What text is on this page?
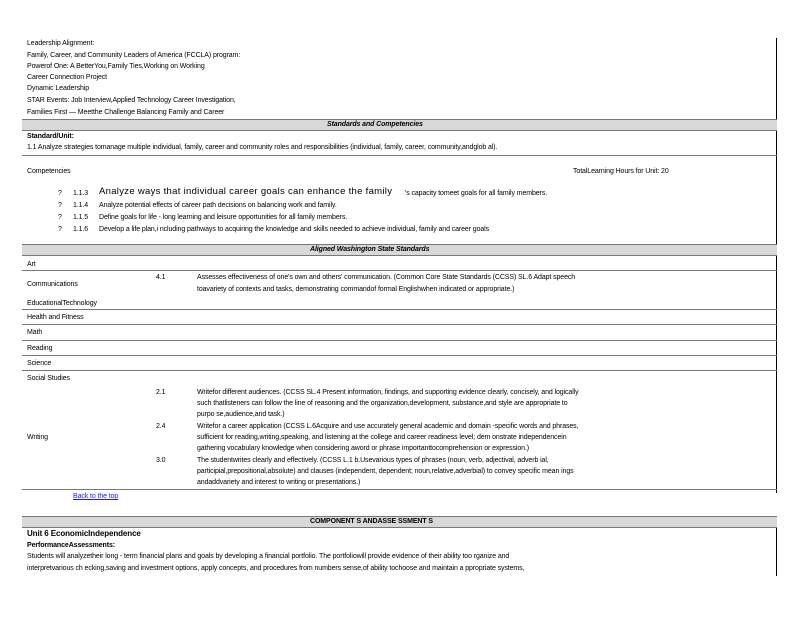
Leadership Alignment:
Family, Career, and Community Leaders of America (FCCLA) program:
Powerof One: A BetterYou,Family Ties,Working on Working
Career Connection Project
Dynamic Leadership
STAR Events: Job Interview,Applied Technology Career Investigation,
Families First — Meetthe Challenge Balancing Family and Career
Standards and Competencies
Standard/Unit:
1.1 Analyze strategies tomanage multiple individual, family, career and community roles and responsibilities (individual, family, career, community,andglob al).
Competencies	TotalLearning Hours for Unit: 20
? 1.1.3 Analyze ways that individual career goals can enhance the family 's capacity tomeet goals for all family members.
? 1.1.4 Analyze potential effects of career path decisions on balancing work and family.
? 1.1.5 Define goals for life - long learning and leisure opportunities for all family members.
? 1.1.6 Develop a life plan,i ncluding pathways to acquiring the knowledge and skills needed to achieve individual, family and career goals
Aligned Washington State Standards
Art
Communications
4.1	Assesses effectiveness of one's own and others' communication. (Common Core State Standards (CCSS) SL.6 Adapt speech
toavariety of contexts and tasks, demonstrating commandof formal Englishwhen indicated or appropriate.)
EducationalTechnology
Health and Fitness
Math
Reading
Science
Social Studies
2.1	Writefor different audiences. (CCSS SL.4 Present information, findings, and supporting evidence clearly, concisely, and logically
such thatlisteners can follow the line of reasoning and the organization,development, substance,and style are appropriate to
purpo se,audience,and task.)
Writing
2.4	Writefor a career application (CCSS L.6Acquire and use accurately general academic and domain -specific words and phrases,
sufficient for reading,writing,speaking, and listening at the college and career readiness level; dem onstrate independencein
gathering vocabulary knowledge when considering aword or phrase importanttocomprehension or expression.)
3.0	The studentwrites clearly and effectively. (CCSS L.1 b.Usevarious types of phrases (noun, verb, adjectival, adverb ial,
participial,prepositional,absolute) and clauses (independent, dependent; noun,relative,adverbial) to convey specific mean ings
andaddvariety and interest to writing or presentations.)
Back to the top
COMPONENT S ANDASSE SSMENT S
Unit 6 EconomicIndependence
PerformanceAssessments:
Students will analyzetheir long - term financial plans and goals by developing a financial portfolio. The portfoliowill provide evidence of their ability too rganize and
interpretvarious ch ecking,saving and investment options, apply concepts, and procedures from numbers sense,of ability tochoose and maintain a ppropriate systems,
